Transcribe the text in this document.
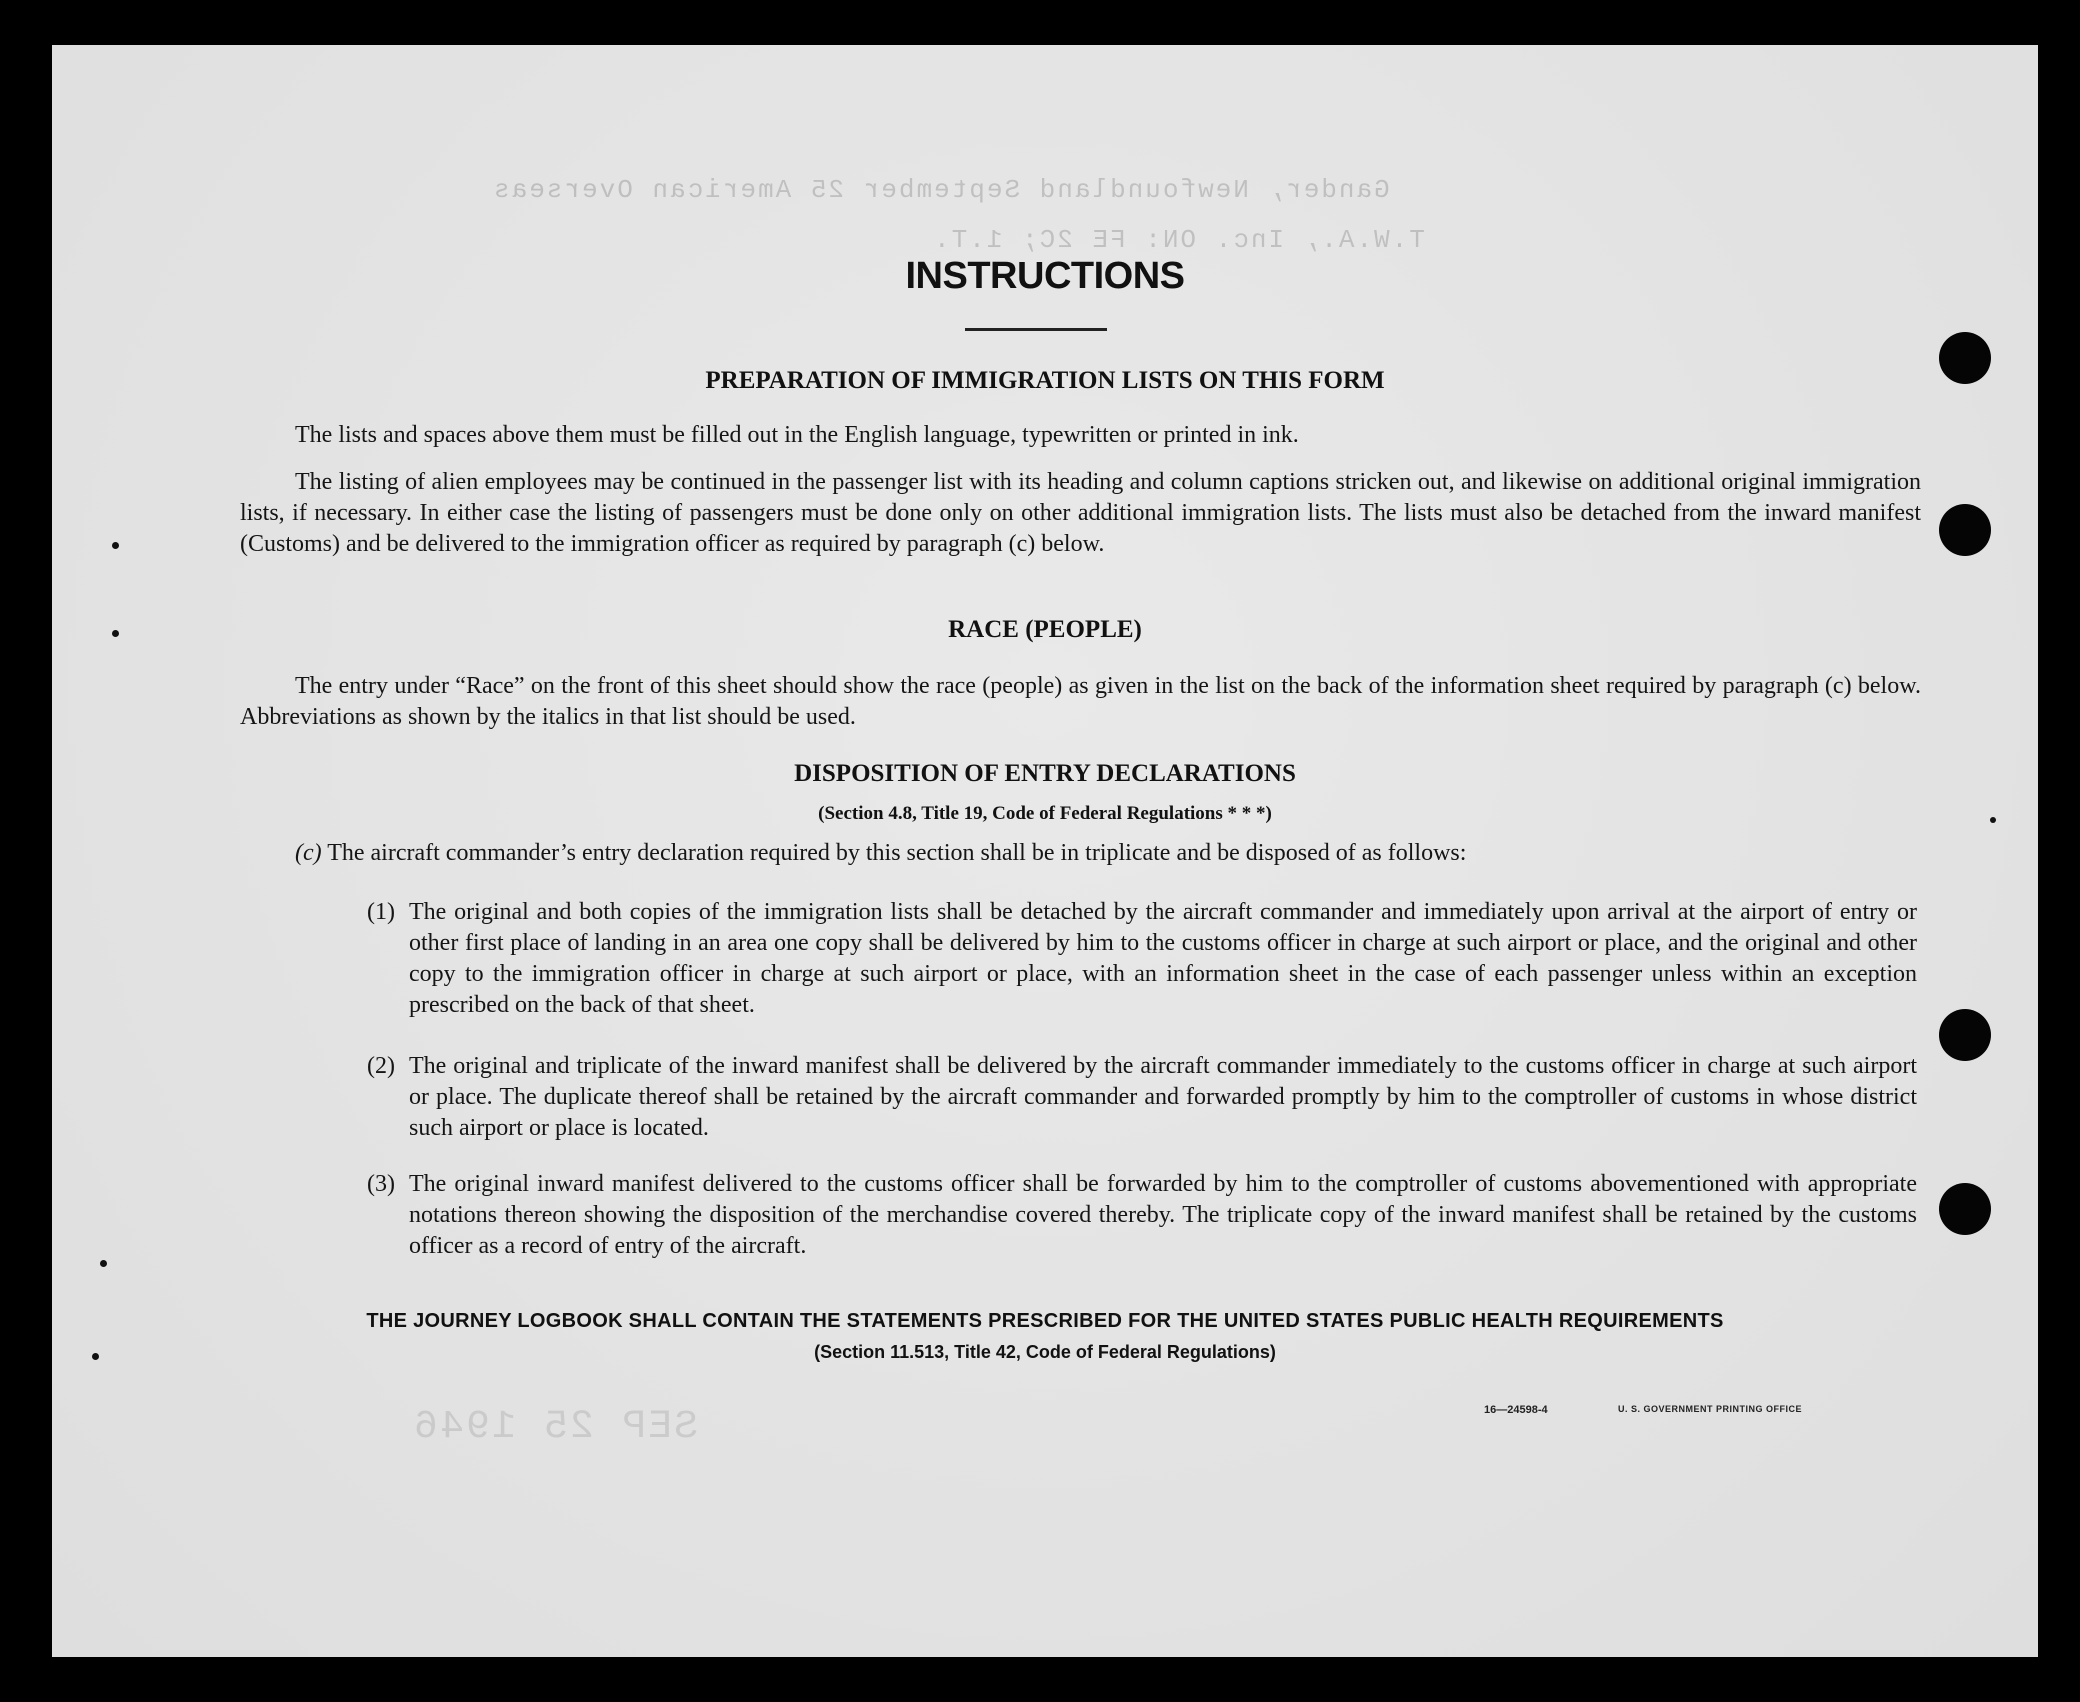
Gander, Newfoundland September 25 American Overseas
T.W.A., Inc. ON: FE 2C; 1.T.
SEP 25 1946
INSTRUCTIONS
PREPARATION OF IMMIGRATION LISTS ON THIS FORM
The lists and spaces above them must be filled out in the English language, typewritten or printed in ink.
The listing of alien employees may be continued in the passenger list with its heading and column captions stricken out, and likewise on additional original immigration lists, if necessary. In either case the listing of passengers must be done only on other additional immigration lists. The lists must also be detached from the inward manifest (Customs) and be delivered to the immigration officer as required by paragraph (c) below.
RACE (PEOPLE)
The entry under “Race” on the front of this sheet should show the race (people) as given in the list on the back of the information sheet required by paragraph (c) below. Abbreviations as shown by the italics in that list should be used.
DISPOSITION OF ENTRY DECLARATIONS
(Section 4.8, Title 19, Code of Federal Regulations * * *)
(c) The aircraft commander’s entry declaration required by this section shall be in triplicate and be disposed of as follows:
(1) The original and both copies of the immigration lists shall be detached by the aircraft commander and immediately upon arrival at the airport of entry or other first place of landing in an area one copy shall be delivered by him to the customs officer in charge at such airport or place, and the original and other copy to the immigration officer in charge at such airport or place, with an information sheet in the case of each passenger unless within an exception prescribed on the back of that sheet.
(2) The original and triplicate of the inward manifest shall be delivered by the aircraft commander immediately to the customs officer in charge at such airport or place. The duplicate thereof shall be retained by the aircraft commander and forwarded promptly by him to the comptroller of customs in whose district such airport or place is located.
(3) The original inward manifest delivered to the customs officer shall be forwarded by him to the comptroller of customs abovementioned with appropriate notations thereon showing the disposition of the merchandise covered thereby. The triplicate copy of the inward manifest shall be retained by the customs officer as a record of entry of the aircraft.
THE JOURNEY LOGBOOK SHALL CONTAIN THE STATEMENTS PRESCRIBED FOR THE UNITED STATES PUBLIC HEALTH REQUIREMENTS
(Section 11.513, Title 42, Code of Federal Regulations)
16—24598-4	U. S. GOVERNMENT PRINTING OFFICE
